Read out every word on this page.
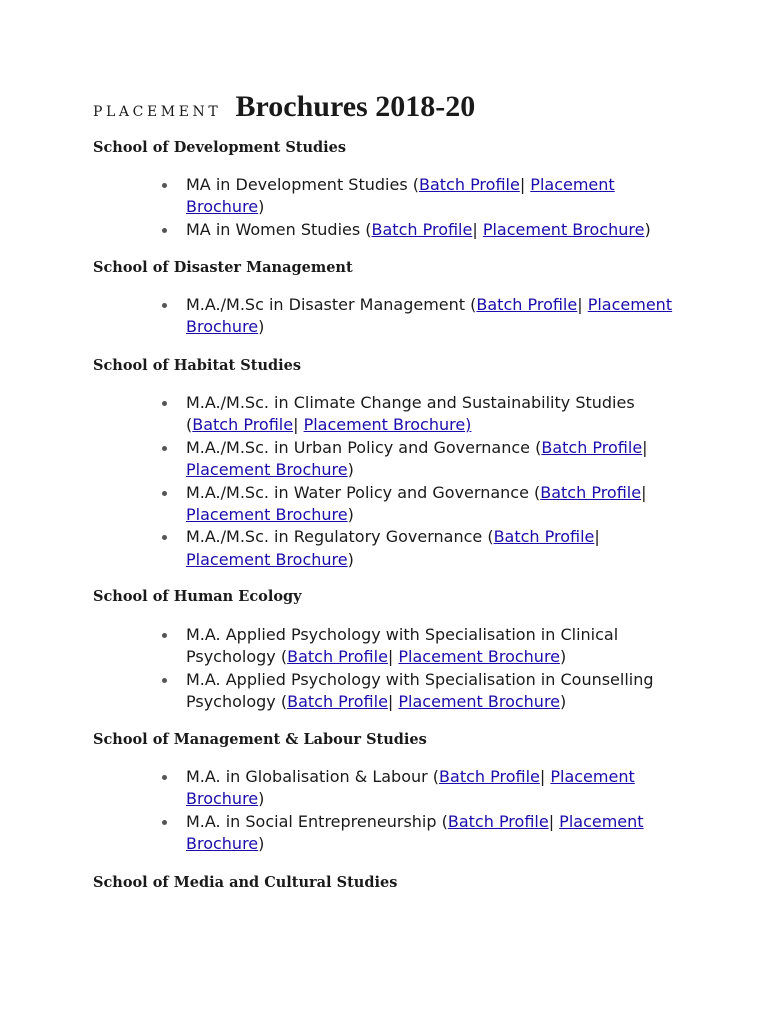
PLACEMENT Brochures 2018-20
School of Development Studies
MA in Development Studies (Batch Profile| Placement Brochure)
MA in Women Studies (Batch Profile| Placement Brochure)
School of Disaster Management
M.A./M.Sc in Disaster Management (Batch Profile| Placement Brochure)
School of Habitat Studies
M.A./M.Sc. in Climate Change and Sustainability Studies (Batch Profile| Placement Brochure)
M.A./M.Sc. in Urban Policy and Governance (Batch Profile| Placement Brochure)
M.A./M.Sc. in Water Policy and Governance (Batch Profile| Placement Brochure)
M.A./M.Sc. in Regulatory Governance (Batch Profile| Placement Brochure)
School of Human Ecology
M.A. Applied Psychology with Specialisation in Clinical Psychology (Batch Profile| Placement Brochure)
M.A. Applied Psychology with Specialisation in Counselling Psychology (Batch Profile| Placement Brochure)
School of Management & Labour Studies
M.A. in Globalisation & Labour (Batch Profile| Placement Brochure)
M.A. in Social Entrepreneurship (Batch Profile| Placement Brochure)
School of Media and Cultural Studies
